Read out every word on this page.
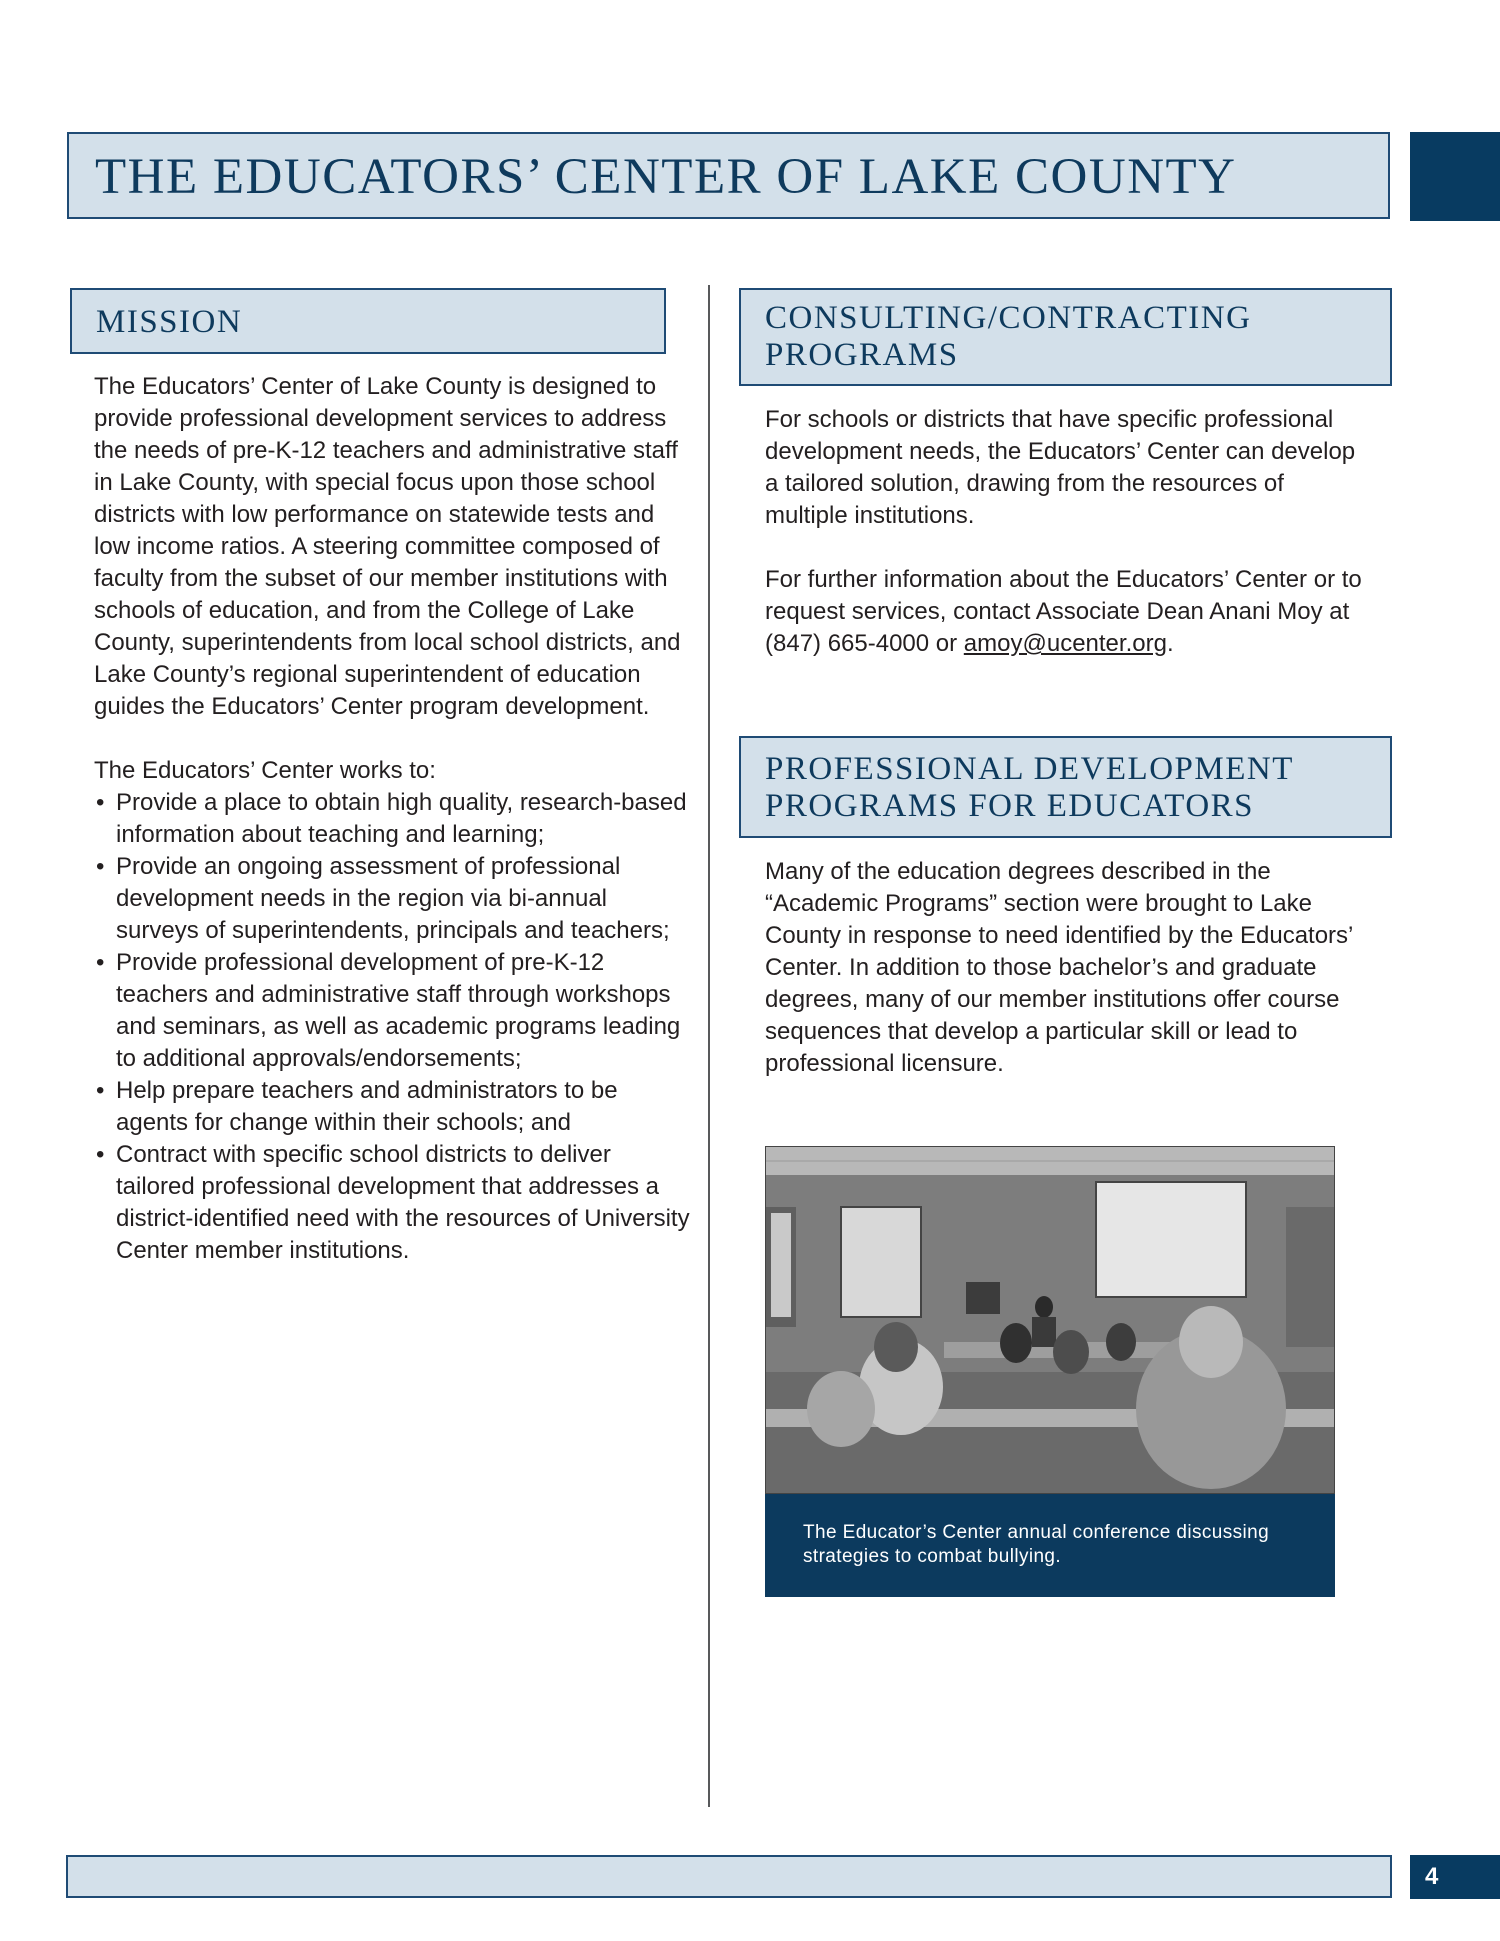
THE EDUCATORS’ CENTER OF LAKE COUNTY
MISSION

The Educators’ Center of Lake County is designed to provide professional development services to address the needs of pre-K-12 teachers and administrative staff in Lake County, with special focus upon those school districts with low performance on statewide tests and low income ratios. A steering committee composed of faculty from the subset of our member institutions with schools of education, and from the College of Lake County, superintendents from local school districts, and Lake County’s regional superintendent of education guides the Educators’ Center program development.

The Educators’ Center works to:

• Provide a place to obtain high quality, research-based information about teaching and learning;
• Provide an ongoing assessment of professional development needs in the region via bi-annual surveys of superintendents, principals and teachers;
• Provide professional development of pre-K-12 teachers and administrative staff through workshops and seminars, as well as academic programs leading to additional approvals/endorsements;
• Help prepare teachers and administrators to be agents for change within their schools; and
• Contract with specific school districts to deliver tailored professional development that addresses a district-identified need with the resources of University Center member institutions.
CONSULTING/CONTRACTING
PROGRAMS

For schools or districts that have specific professional development needs, the Educators’ Center can develop a tailored solution, drawing from the resources of multiple institutions.

For further information about the Educators’ Center or to request services, contact Associate Dean Anani Moy at (847) 665-4000 or amoy@ucenter.org.

PROFESSIONAL DEVELOPMENT
PROGRAMS FOR EDUCATORS

Many of the education degrees described in the “Academic Programs” section were brought to Lake County in response to need identified by the Educators’ Center. In addition to those bachelor’s and graduate degrees, many of our member institutions offer course sequences that develop a particular skill or lead to professional licensure.

The Educator’s Center annual conference discussing
strategies to combat bullying.
4
